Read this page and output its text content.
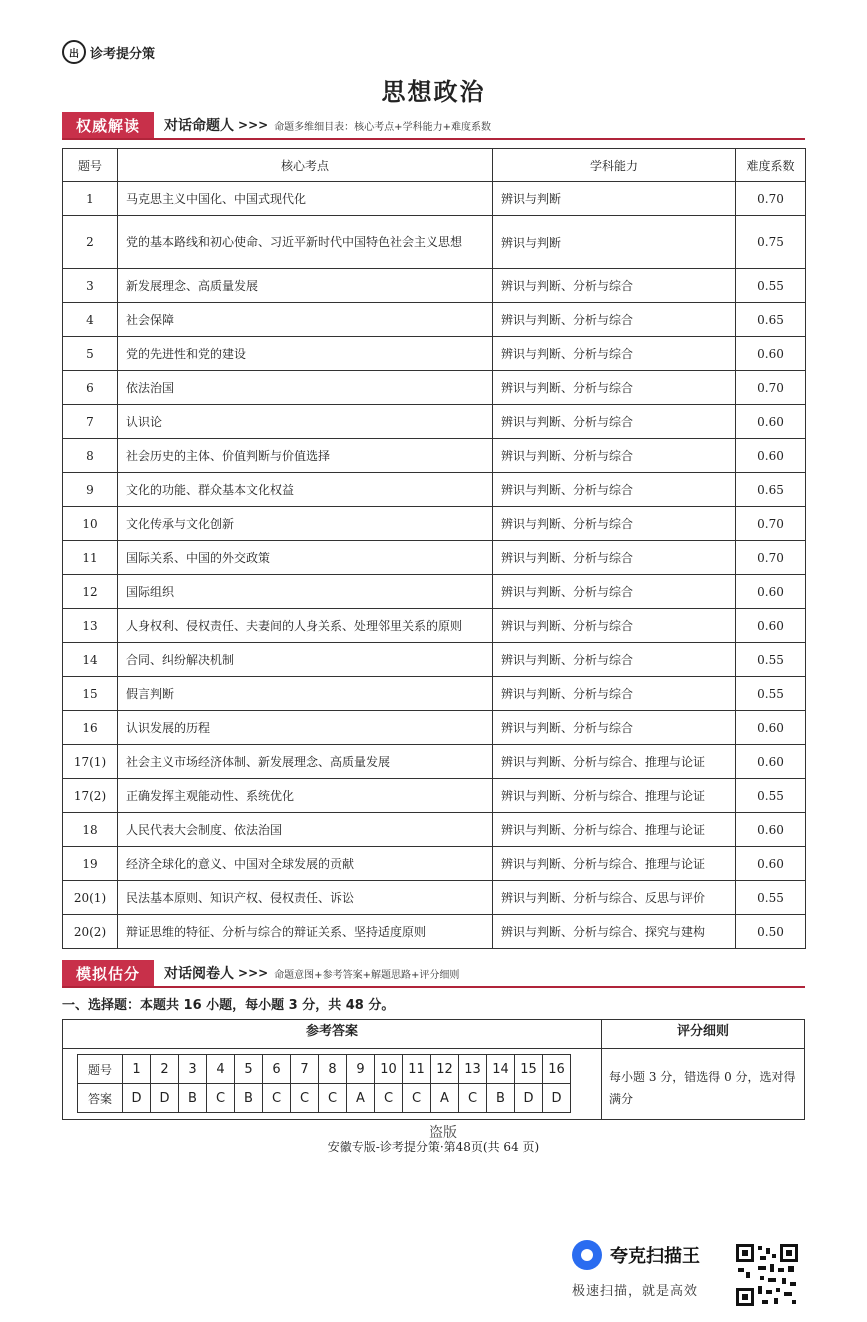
出 诊考提分策
思想政治
权威解读	对话命题人 >>> 命题多维细目表：核心考点+学科能力+难度系数
题号	核心考点	学科能力	难度系数
1	马克思主义中国化、中国式现代化	辨识与判断	0.70
2	党的基本路线和初心使命、习近平新时代中国特色社会主义思想	辨识与判断	0.75
3	新发展理念、高质量发展	辨识与判断、分析与综合	0.55
4	社会保障	辨识与判断、分析与综合	0.65
5	党的先进性和党的建设	辨识与判断、分析与综合	0.60
6	依法治国	辨识与判断、分析与综合	0.70
7	认识论	辨识与判断、分析与综合	0.60
8	社会历史的主体、价值判断与价值选择	辨识与判断、分析与综合	0.60
9	文化的功能、群众基本文化权益	辨识与判断、分析与综合	0.65
10	文化传承与文化创新	辨识与判断、分析与综合	0.70
11	国际关系、中国的外交政策	辨识与判断、分析与综合	0.70
12	国际组织	辨识与判断、分析与综合	0.60
13	人身权利、侵权责任、夫妻间的人身关系、处理邻里关系的原则	辨识与判断、分析与综合	0.60
14	合同、纠纷解决机制	辨识与判断、分析与综合	0.55
15	假言判断	辨识与判断、分析与综合	0.55
16	认识发展的历程	辨识与判断、分析与综合	0.60
17(1)	社会主义市场经济体制、新发展理念、高质量发展	辨识与判断、分析与综合、推理与论证	0.60
17(2)	正确发挥主观能动性、系统优化	辨识与判断、分析与综合、推理与论证	0.55
18	人民代表大会制度、依法治国	辨识与判断、分析与综合、推理与论证	0.60
19	经济全球化的意义、中国对全球发展的贡献	辨识与判断、分析与综合、推理与论证	0.60
20(1)	民法基本原则、知识产权、侵权责任、诉讼	辨识与判断、分析与综合、反思与评价	0.55
20(2)	辩证思维的特征、分析与综合的辩证关系、坚持适度原则	辨识与判断、分析与综合、探究与建构	0.50
模拟估分	对话阅卷人 >>> 命题意图+参考答案+解题思路+评分细则
一、选择题：本题共 16 小题，每小题 3 分，共 48 分。
参考答案
题号	1	2	3	4	5	6	7	8	9	10	11	12	13	14	15	16
答案	D	D	B	C	B	C	C	C	A	C	C	A	C	B	D	D
评分细则
每小题 3 分，错选得 0 分，选对得满分
盗版
安徽专版-诊考提分策·第48页(共 64 页)
夸克扫描王
极速扫描，就是高效
